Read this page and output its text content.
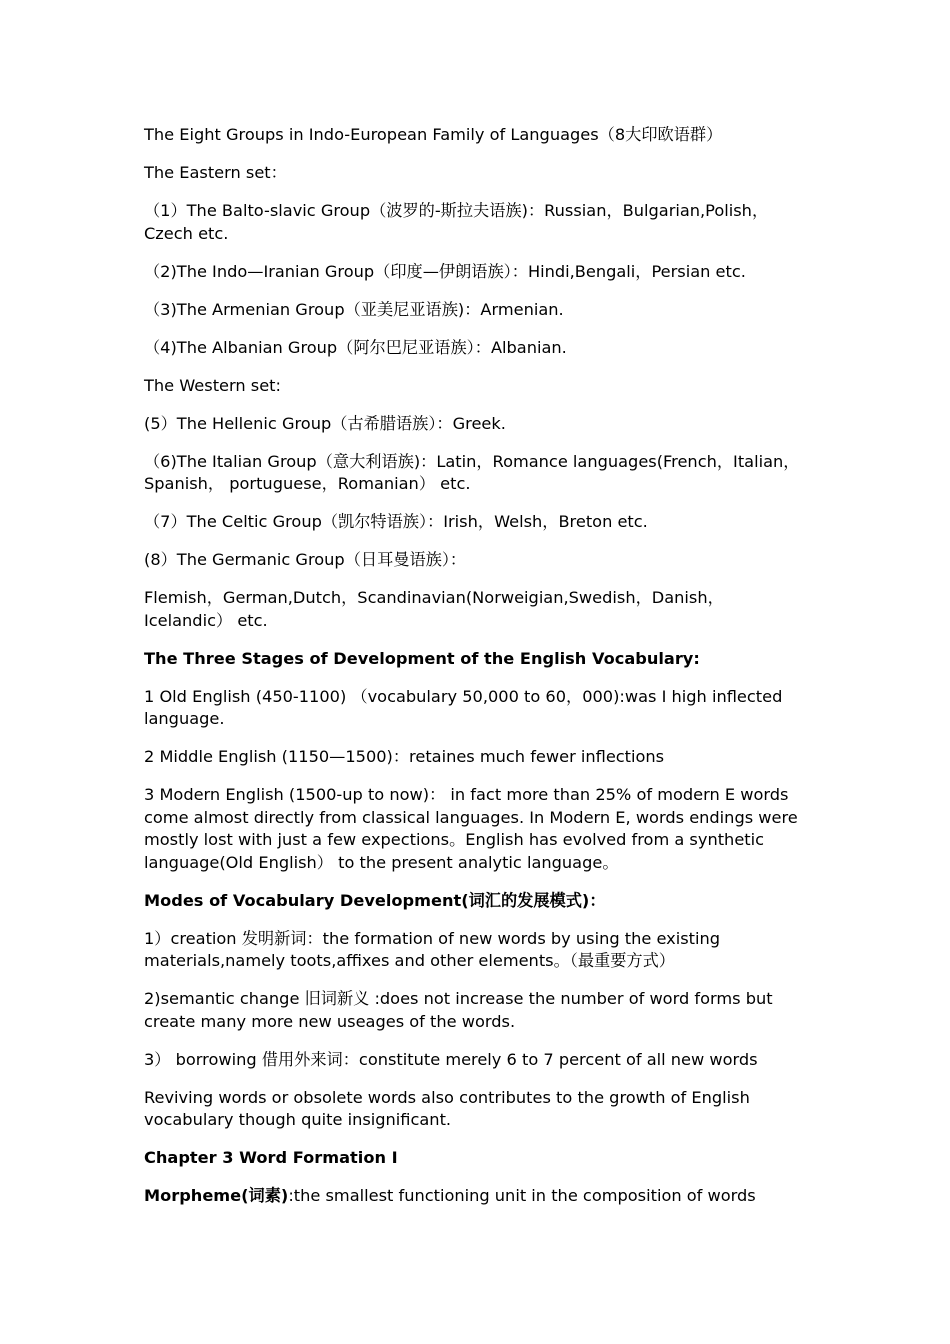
The Eight Groups in Indo-European Family of Languages（8大印欧语群）

The Eastern set：

（1）The Balto-slavic Group（波罗的-斯拉夫语族)：Russian，Bulgarian,Polish，Czech etc.

（2)The Indo—Iranian Group（印度—伊朗语族）：Hindi,Bengali，Persian etc.

（3)The Armenian Group（亚美尼亚语族)：Armenian.

（4)The Albanian Group（阿尔巴尼亚语族）：Albanian.

The Western set:

(5）The Hellenic Group（古希腊语族）：Greek.

（6)The Italian Group（意大利语族)：Latin，Romance languages(French，Italian，Spanish， portuguese，Romanian） etc.

（7）The Celtic Group（凯尔特语族）：Irish，Welsh，Breton etc.

(8）The Germanic Group（日耳曼语族）：

Flemish，German,Dutch，Scandinavian(Norweigian,Swedish，Danish，Icelandic） etc.

The Three Stages of Development of the English Vocabulary:

1 Old English (450-1100) （vocabulary 50,000 to 60，000):was I high inflected language.

2 Middle English (1150—1500)：retaines much fewer inflections

3 Modern English (1500-up to now)： in fact more than 25% of modern E words come almost directly from classical languages. In Modern E, words endings were mostly lost with just a few expections。English has evolved from a synthetic language(Old English） to the present analytic language。

Modes of Vocabulary Development(词汇的发展模式)：

1）creation 发明新词：the formation of new words by using the existing materials,namely toots,affixes and other elements。（最重要方式）

2)semantic change 旧词新义 :does not increase the number of word forms but create many more new useages of the words.

3） borrowing 借用外来词：constitute merely 6 to 7 percent of all new words

Reviving words or obsolete words also contributes to the growth of English vocabulary though quite insignificant.

Chapter 3 Word Formation I

Morpheme(词素):the smallest functioning unit in the composition of words
